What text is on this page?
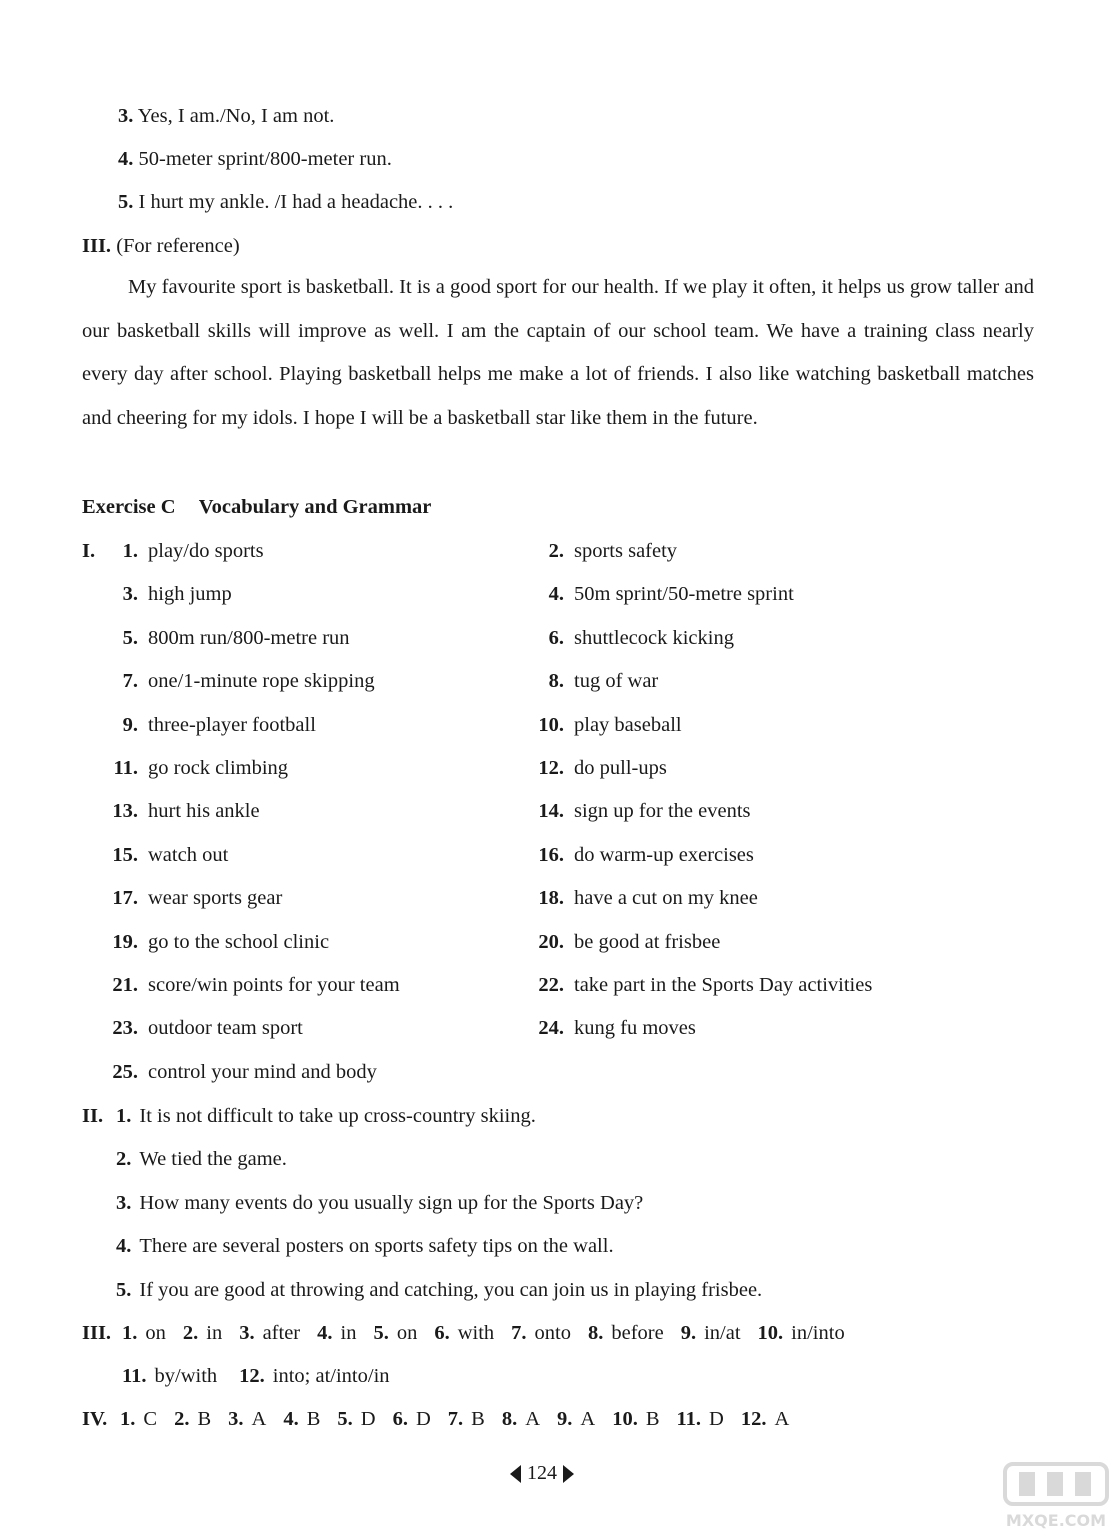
3. Yes, I am./No, I am not.
4. 50-meter sprint/800-meter run.
5. I hurt my ankle. /I had a headache. . . .
III. (For reference)
My favourite sport is basketball. It is a good sport for our health. If we play it often, it helps us grow taller and our basketball skills will improve as well. I am the captain of our school team. We have a training class nearly every day after school. Playing basketball helps me make a lot of friends. I also like watching basketball matches and cheering for my idols. I hope I will be a basketball star like them in the future.
Exercise C Vocabulary and Grammar
I.	1. play/do sports	2. sports safety
3. high jump	4. 50m sprint/50-metre sprint
5. 800m run/800-metre run	6. shuttlecock kicking
7. one/1-minute rope skipping	8. tug of war
9. three-player football	10. play baseball
11. go rock climbing	12. do pull-ups
13. hurt his ankle	14. sign up for the events
15. watch out	16. do warm-up exercises
17. wear sports gear	18. have a cut on my knee
19. go to the school clinic	20. be good at frisbee
21. score/win points for your team	22. take part in the Sports Day activities
23. outdoor team sport	24. kung fu moves
25. control your mind and body
II. 1. It is not difficult to take up cross-country skiing.
2. We tied the game.
3. How many events do you usually sign up for the Sports Day?
4. There are several posters on sports safety tips on the wall.
5. If you are good at throwing and catching, you can join us in playing frisbee.
III. 1. on 2. in 3. after 4. in 5. on 6. with 7. onto 8. before 9. in/at 10. in/into
11. by/with 12. into; at/into/in
IV. 1. C 2. B 3. A 4. B 5. D 6. D 7. B 8. A 9. A 10. B 11. D 12. A
124
MXQE.COM
